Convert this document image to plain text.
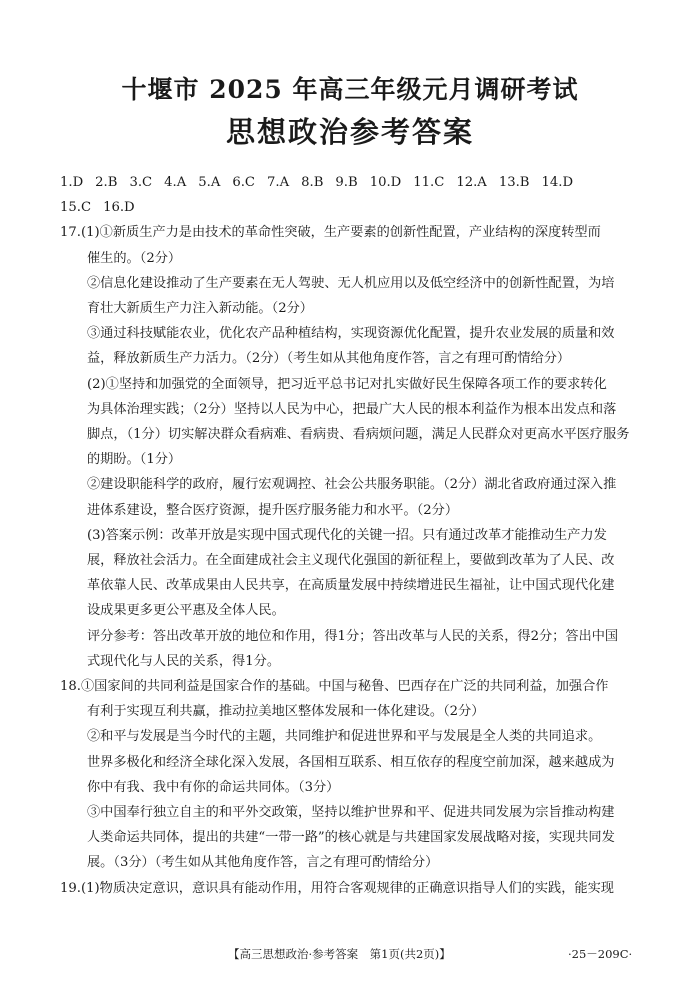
十堰市 2025 年高三年级元月调研考试
思想政治参考答案
1.D 2.B 3.C 4.A 5.A 6.C 7.A 8.B 9.B 10.D 11.C 12.A 13.B 14.D
15.C 16.D
17.(1)①新质生产力是由技术的革命性突破，生产要素的创新性配置，产业结构的深度转型而
催生的。（2分）
②信息化建设推动了生产要素在无人驾驶、无人机应用以及低空经济中的创新性配置，为培
育壮大新质生产力注入新动能。（2分）
③通过科技赋能农业，优化农产品种植结构，实现资源优化配置，提升农业发展的质量和效
益，释放新质生产力活力。（2分）（考生如从其他角度作答，言之有理可酌情给分）
(2)①坚持和加强党的全面领导，把习近平总书记对扎实做好民生保障各项工作的要求转化
为具体治理实践；（2分）坚持以人民为中心，把最广大人民的根本利益作为根本出发点和落
脚点，（1分）切实解决群众看病难、看病贵、看病烦问题，满足人民群众对更高水平医疗服务
的期盼。（1分）
②建设职能科学的政府，履行宏观调控、社会公共服务职能。（2分）湖北省政府通过深入推
进体系建设，整合医疗资源，提升医疗服务能力和水平。（2分）
(3)答案示例：改革开放是实现中国式现代化的关键一招。只有通过改革才能推动生产力发
展，释放社会活力。在全面建成社会主义现代化强国的新征程上，要做到改革为了人民、改
革依靠人民、改革成果由人民共享，在高质量发展中持续增进民生福祉，让中国式现代化建
设成果更多更公平惠及全体人民。
评分参考：答出改革开放的地位和作用，得1分；答出改革与人民的关系，得2分；答出中国
式现代化与人民的关系，得1分。
18.①国家间的共同利益是国家合作的基础。中国与秘鲁、巴西存在广泛的共同利益，加强合作
有利于实现互利共赢，推动拉美地区整体发展和一体化建设。（2分）
②和平与发展是当今时代的主题，共同维护和促进世界和平与发展是全人类的共同追求。
世界多极化和经济全球化深入发展，各国相互联系、相互依存的程度空前加深，越来越成为
你中有我、我中有你的命运共同体。（3分）
③中国奉行独立自主的和平外交政策，坚持以维护世界和平、促进共同发展为宗旨推动构建
人类命运共同体，提出的共建“一带一路”的核心就是与共建国家发展战略对接，实现共同发
展。（3分）（考生如从其他角度作答，言之有理可酌情给分）
19.(1)物质决定意识，意识具有能动作用，用符合客观规律的正确意识指导人们的实践，能实现
【高三思想政治·参考答案　第1页(共2页)】	·25－209C·
